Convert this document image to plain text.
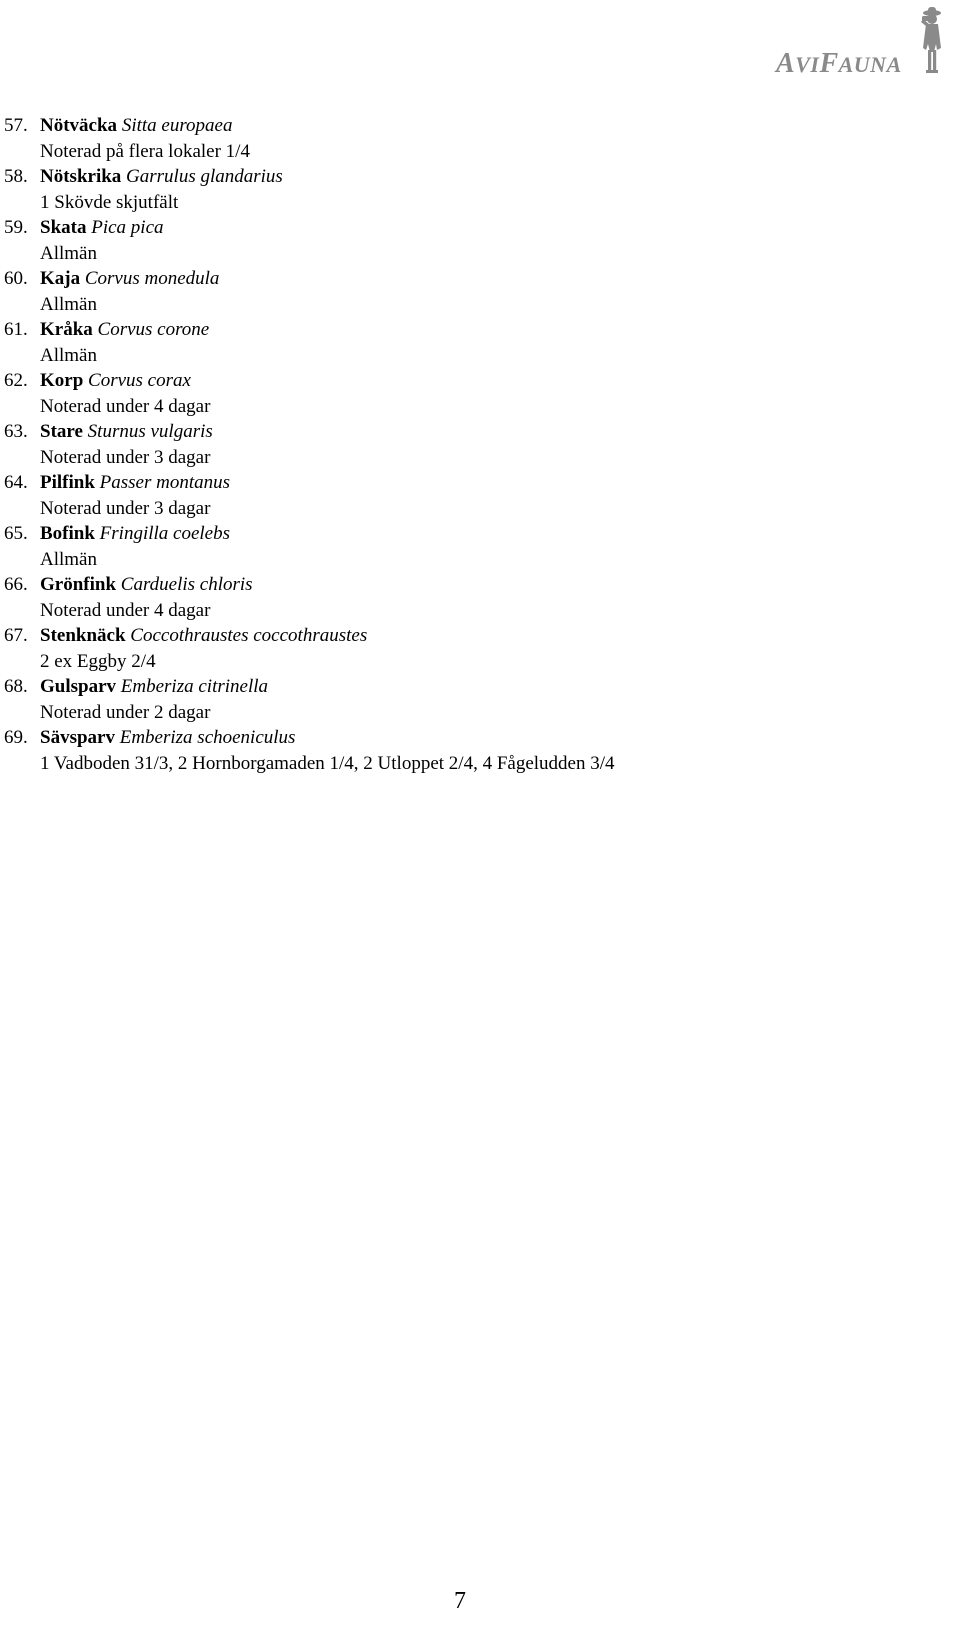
AVIFAUNA
57. Nötväcka Sitta europaea
Noterad på flera lokaler 1/4
58. Nötskrika Garrulus glandarius
1 Skövde skjutfält
59. Skata Pica pica
Allmän
60. Kaja Corvus monedula
Allmän
61. Kråka Corvus corone
Allmän
62. Korp Corvus corax
Noterad under 4 dagar
63. Stare Sturnus vulgaris
Noterad under 3 dagar
64. Pilfink Passer montanus
Noterad under 3 dagar
65. Bofink Fringilla coelebs
Allmän
66. Grönfink Carduelis chloris
Noterad under 4 dagar
67. Stenknäck Coccothraustes coccothraustes
2 ex Eggby 2/4
68. Gulsparv Emberiza citrinella
Noterad under 2 dagar
69. Sävsparv Emberiza schoeniculus
1 Vadboden 31/3, 2 Hornborgamaden 1/4, 2 Utloppet 2/4, 4 Fågeludden 3/4
7
